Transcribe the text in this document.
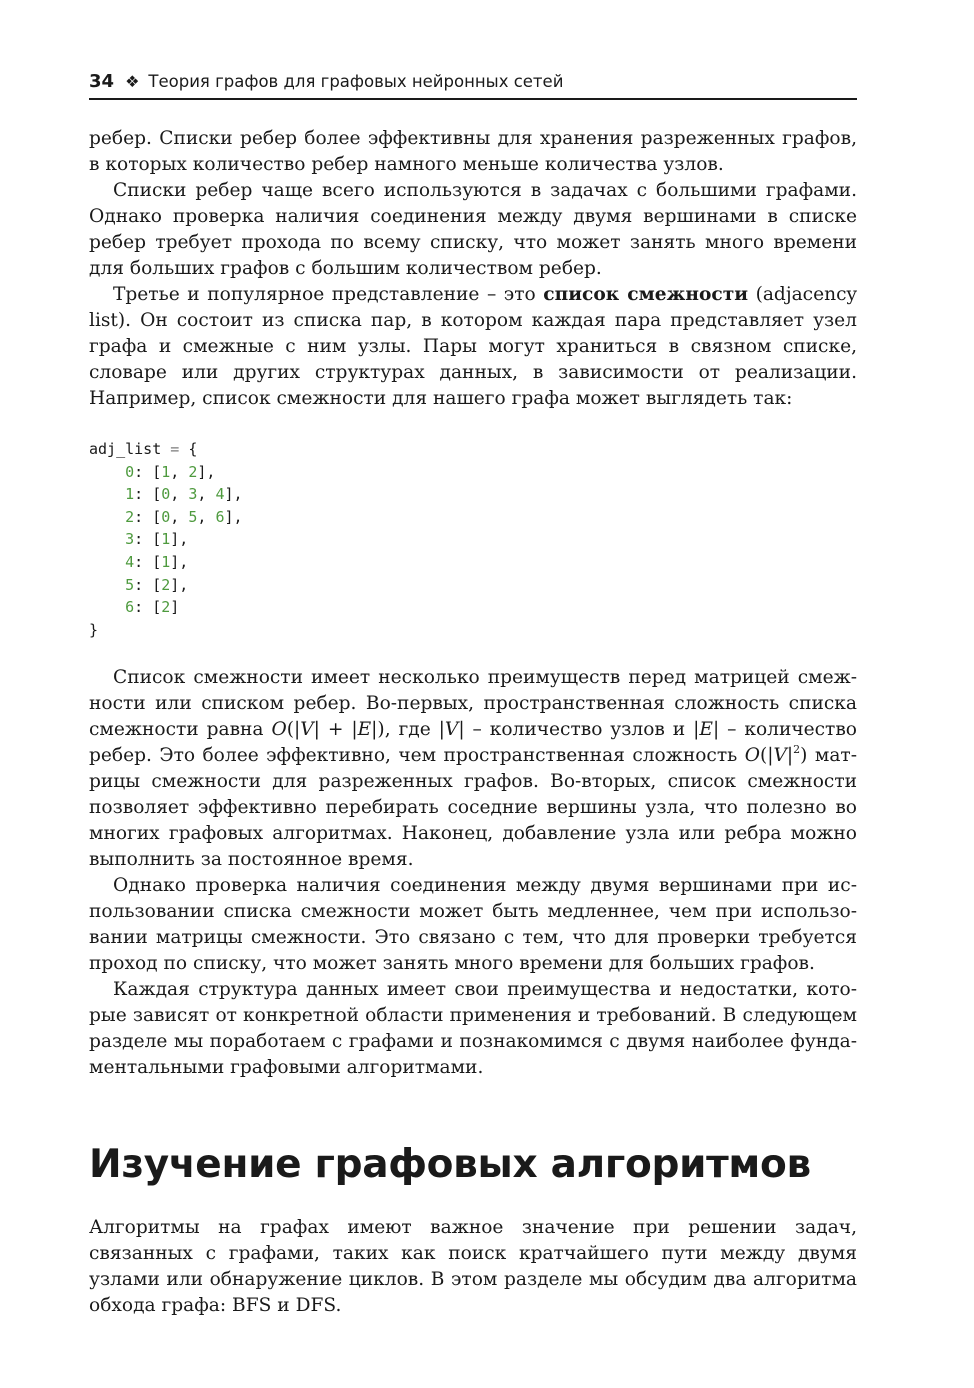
34 ❖ Теория графов для графовых нейронных сетей

ребер. Списки ребер более эффективны для хранения разреженных графов, в которых количество ребер намного меньше количества узлов.

Списки ребер чаще всего используются в задачах с большими графами. Однако проверка наличия соединения между двумя вершинами в списке ребер требует прохода по всему списку, что может занять много времени для больших графов с большим количеством ребер.

Третье и популярное представление – это список смежности (adjacency list). Он состоит из списка пар, в котором каждая пара представляет узел графа и смежные с ним узлы. Пары могут храниться в связном списке, словаре или других структурах данных, в зависимости от реализации. Например, список смежности для нашего графа может выглядеть так:

adj_list = {
0: [1, 2],
1: [0, 3, 4],
2: [0, 5, 6],
3: [1],
4: [1],
5: [2],
6: [2]
}

Список смежности имеет несколько преимуществ перед матрицей смежности или списком ребер. Во-первых, пространственная сложность списка смежности равна O(|V| + |E|), где |V| – количество узлов и |E| – количество ребер. Это более эффективно, чем пространственная сложность $O(|V|^2)$ матрицы смежности для разреженных графов. Во-вторых, список смежности позволяет эффективно перебирать соседние вершины узла, что полезно во многих графовых алгоритмах. Наконец, добавление узла или ребра можно выполнить за постоянное время.

Однако проверка наличия соединения между двумя вершинами при использовании списка смежности может быть медленнее, чем при использовании матрицы смежности. Это связано с тем, что для проверки требуется проход по списку, что может занять много времени для больших графов.

Каждая структура данных имеет свои преимущества и недостатки, которые зависят от конкретной области применения и требований. В следующем разделе мы поработаем с графами и познакомимся с двумя наиболее фундаментальными графовыми алгоритмами.

Изучение графовых алгоритмов

Алгоритмы на графах имеют важное значение при решении задач, связанных с графами, таких как поиск кратчайшего пути между двумя узлами или обнаружение циклов. В этом разделе мы обсудим два алгоритма обхода графа: BFS и DFS.
